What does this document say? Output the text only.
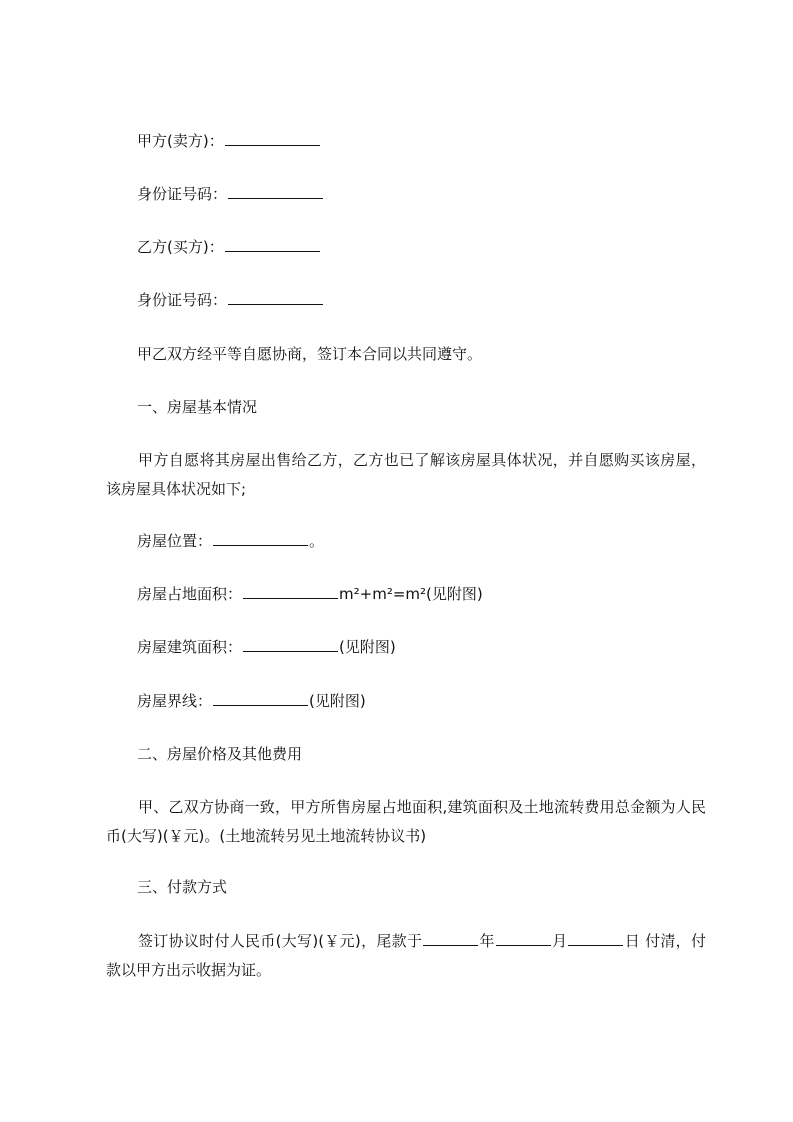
甲方(卖方)：
身份证号码：
乙方(买方)：
身份证号码：
甲乙双方经平等自愿协商，签订本合同以共同遵守。
一、房屋基本情况
甲方自愿将其房屋出售给乙方，乙方也已了解该房屋具体状况，并自愿购买该房屋，该房屋具体状况如下;
房屋位置：	。
房屋占地面积：	m²+m²=m²(见附图)
房屋建筑面积：	(见附图)
房屋界线：	(见附图)
二、房屋价格及其他费用
甲、乙双方协商一致，甲方所售房屋占地面积,建筑面积及土地流转费用总金额为人民币(大写)(￥元)。(土地流转另见土地流转协议书)
三、付款方式
签订协议时付人民币(大写)(￥元)，尾款于	年	月	日 付清，付款以甲方出示收据为证。
